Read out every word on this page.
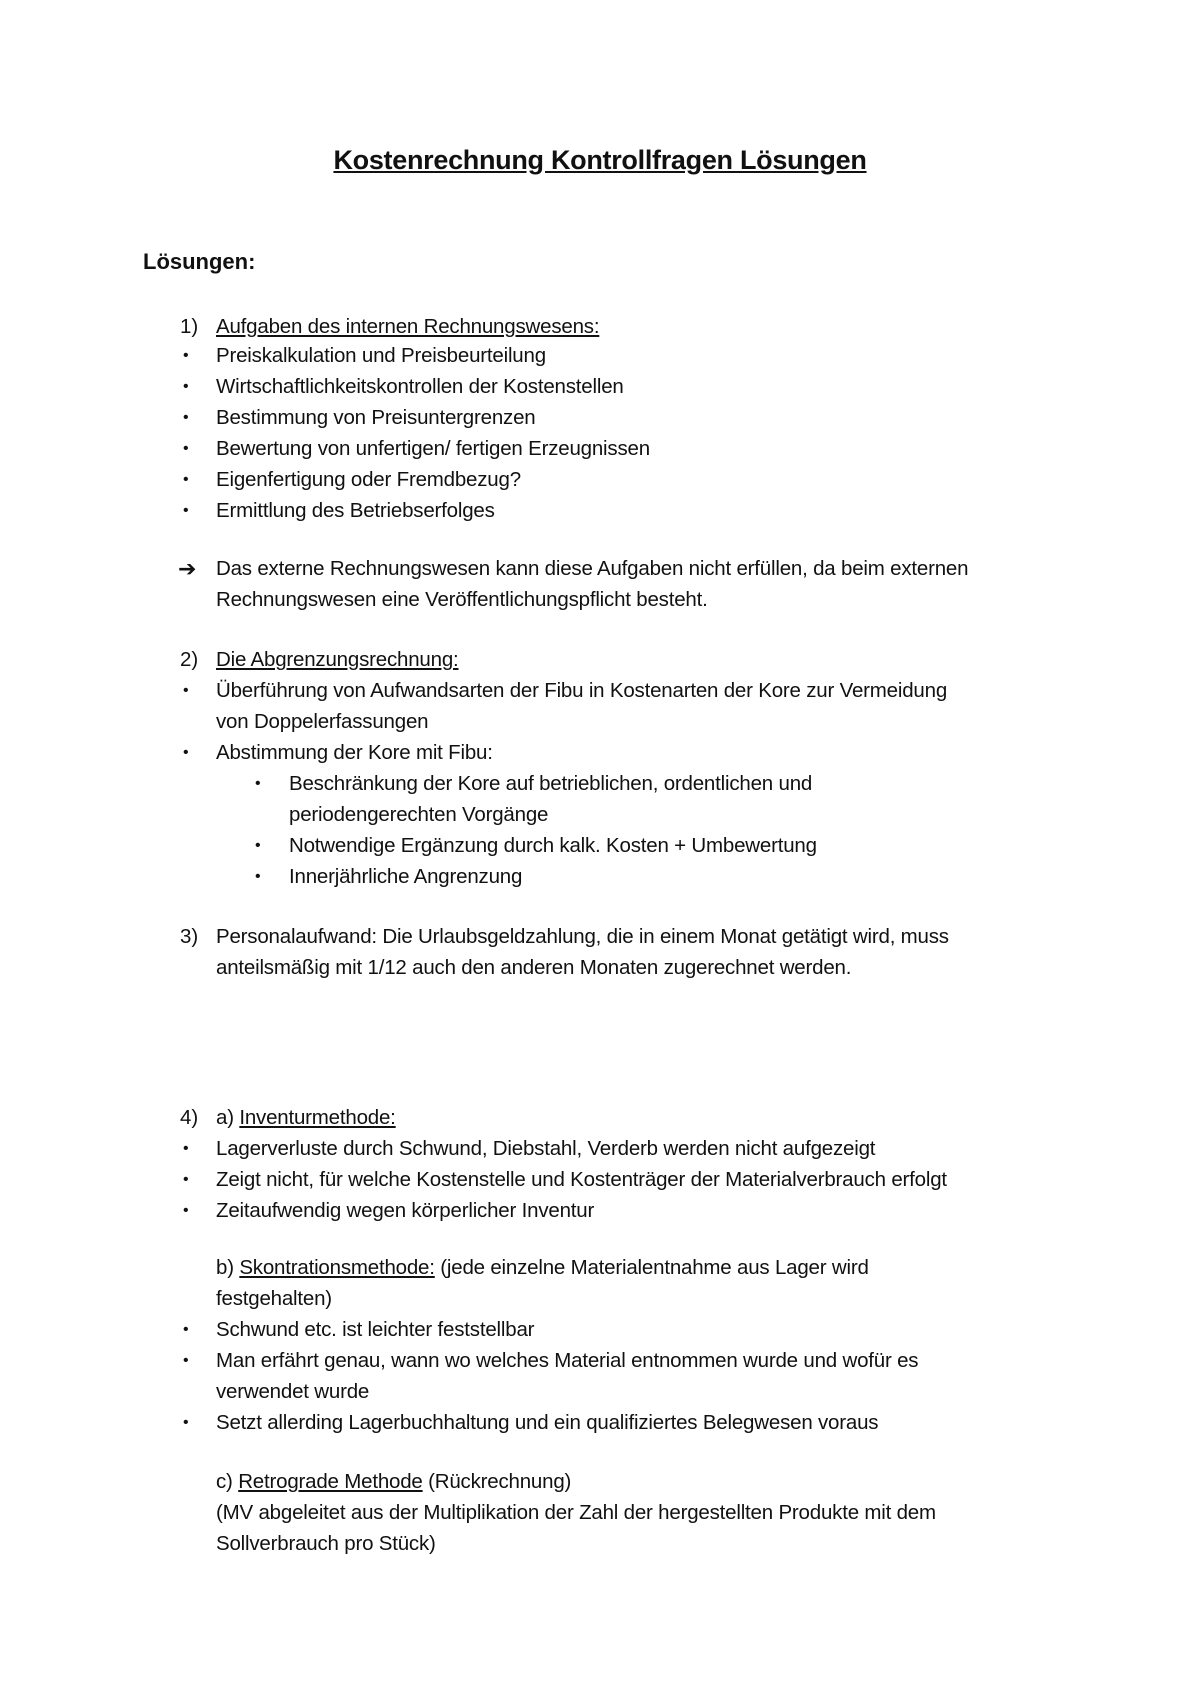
Kostenrechnung Kontrollfragen Lösungen
Lösungen:
1) Aufgaben des internen Rechnungswesens:
• Preiskalkulation und Preisbeurteilung
• Wirtschaftlichkeitskontrollen der Kostenstellen
• Bestimmung von Preisuntergrenzen
• Bewertung von unfertigen/ fertigen Erzeugnissen
• Eigenfertigung oder Fremdbezug?
• Ermittlung des Betriebserfolges
➔ Das externe Rechnungswesen kann diese Aufgaben nicht erfüllen, da beim externen
Rechnungswesen eine Veröffentlichungspflicht besteht.
2) Die Abgrenzungsrechnung:
• Überführung von Aufwandsarten der Fibu in Kostenarten der Kore zur Vermeidung
von Doppelerfassungen
• Abstimmung der Kore mit Fibu:
• Beschränkung der Kore auf betrieblichen, ordentlichen und
periodengerechten Vorgänge
• Notwendige Ergänzung durch kalk. Kosten + Umbewertung
• Innerjährliche Angrenzung
3) Personalaufwand: Die Urlaubsgeldzahlung, die in einem Monat getätigt wird, muss
anteilsmäßig mit 1/12 auch den anderen Monaten zugerechnet werden.
4) a) Inventurmethode:
• Lagerverluste durch Schwund, Diebstahl, Verderb werden nicht aufgezeigt
• Zeigt nicht, für welche Kostenstelle und Kostenträger der Materialverbrauch erfolgt
• Zeitaufwendig wegen körperlicher Inventur
b) Skontrationsmethode: (jede einzelne Materialentnahme aus Lager wird
festgehalten)
• Schwund etc. ist leichter feststellbar
• Man erfährt genau, wann wo welches Material entnommen wurde und wofür es
verwendet wurde
• Setzt allerding Lagerbuchhaltung und ein qualifiziertes Belegwesen voraus
c) Retrograde Methode (Rückrechnung)
(MV abgeleitet aus der Multiplikation der Zahl der hergestellten Produkte mit dem
Sollverbrauch pro Stück)
